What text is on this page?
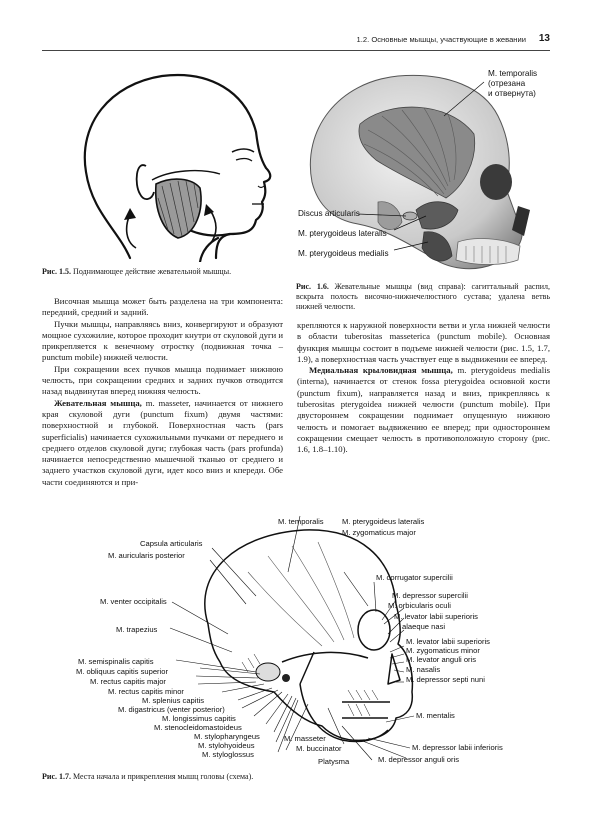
1.2. Основные мышцы, участвующие в жевании 13
Рис. 1.5. Поднимающее действие жевательной мышцы.
M. temporalis
(отрезана
и отвернута)
Discus articularis
M. pterygoideus lateralis
M. pterygoideus medialis
Рис. 1.6. Жевательные мышцы (вид справа): сагиттальный распил, вскрыта полость височно-нижнечелюстного сустава; удалена ветвь нижней челюсти.

Височная мышца может быть разделена на три компонента: передний, средний и задний.

Пучки мышцы, направляясь вниз, конвергируют и образуют мощное сухожилие, которое проходит кнутри от скуловой дуги и прикрепляется к венечному отростку (подвижная точка – punctum mobile) нижней челюсти.

При сокращении всех пучков мышца поднимает нижнюю челюсть, при сокращении средних и задних пучков отводится назад выдвинутая вперед нижняя челюсть.

Жевательная мышца, m. masseter, начинается от нижнего края скуловой дуги (punctum fixum) двумя частями: поверхностной и глубокой. Поверхностная часть (pars superficialis) начинается сухожильными пучками от переднего и среднего отделов скуловой дуги; глубокая часть (pars profunda) начинается непосредственно мышечной тканью от среднего и заднего участков скуловой дуги, идет косо вниз и кпереди. Обе части соединяются и при-

крепляются к наружной поверхности ветви и угла нижней челюсти в области tuberositas masseterica (punctum mobile). Основная функция мышцы состоит в подъеме нижней челюсти (рис. 1.5, 1.7, 1.9), а поверхностная часть участвует еще в выдвижении ее вперед.

Медиальная крыловидная мышца, m. pterygoideus medialis (interna), начинается от стенок fossa pterygoidea основной кости (punctum fixum), направляется назад и вниз, прикрепляясь к tuberositas pterygoidea нижней челюсти (punctum mobile). При двустороннем сокращении поднимает опущенную нижнюю челюсть и помогает выдвижению ее вперед; при одностороннем сокращении смещает челюсть в противоположную сторону (рис. 1.6, 1.8–1.10).

M. temporalis M. pterygoideus lateralis
M. zygomaticus major
Capsula articularis
M. auricularis posterior
M. venter occipitalis
M. trapezius
M. semispinalis capitis
M. obliquus capitis superior
M. rectus capitis major
M. rectus capitis minor
M. splenius capitis
M. digastricus (venter posterior)
M. longissimus capitis
M. stenocleidomastoideus
M. stylopharyngeus
M. stylohyoideus
M. styloglossus
M. masseter
M. buccinator
Platysma
M. corrugator supercilii
M. depressor supercilii
M. orbicularis oculi
M. levator labii superioris
alaeque nasi
M. levator labii superioris
M. zygomaticus minor
M. levator anguli oris
M. nasalis
M. depressor septi nuni
M. mentalis
M. depressor labii inferioris
M. depressor anguli oris
Рис. 1.7. Места начала и прикрепления мышц головы (схема).
